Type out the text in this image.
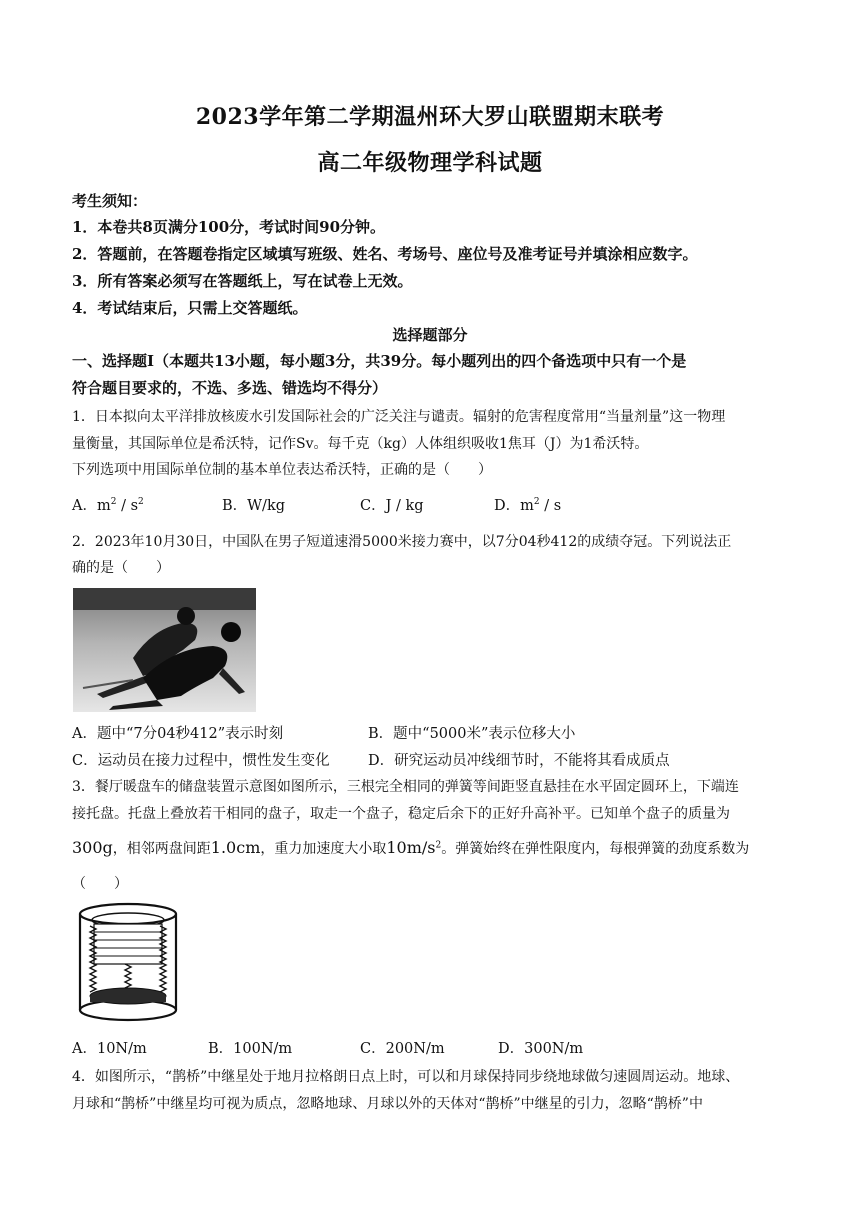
2023学年第二学期温州环大罗山联盟期末联考
高二年级物理学科试题
考生须知：
1．本卷共8页满分100分，考试时间90分钟。
2．答题前，在答题卷指定区域填写班级、姓名、考场号、座位号及准考证号并填涂相应数字。
3．所有答案必须写在答题纸上，写在试卷上无效。
4．考试结束后，只需上交答题纸。
选择题部分
一、选择题Ⅰ（本题共13小题，每小题3分，共39分。每小题列出的四个备选项中只有一个是
符合题目要求的，不选、多选、错选均不得分）
1．日本拟向太平洋排放核废水引发国际社会的广泛关注与谴责。辐射的危害程度常用“当量剂量”这一物理
量衡量，其国际单位是希沃特，记作Sv。每千克（kg）人体组织吸收1焦耳（J）为1希沃特。
下列选项中用国际单位制的基本单位表达希沃特，正确的是（　　）
A．$m^2 / s^2$	B．W/kg	C．J / kg	D．$m^2$ / s
2．2023年10月30日，中国队在男子短道速滑5000米接力赛中，以7分04秒412的成绩夺冠。下列说法正
确的是（　　）
A．题中“7分04秒412”表示时刻	B．题中“5000米”表示位移大小
C．运动员在接力过程中，惯性发生变化	D．研究运动员冲线细节时，不能将其看成质点
3．餐厅暖盘车的储盘装置示意图如图所示，三根完全相同的弹簧等间距竖直悬挂在水平固定圆环上，下端连
接托盘。托盘上叠放若干相同的盘子，取走一个盘子，稳定后余下的正好升高补平。已知单个盘子的质量为
300g，相邻两盘间距1.0cm，重力加速度大小取$10m/s^2$。弹簧始终在弹性限度内，每根弹簧的劲度系数为
（　　）
A．10N/m	B．100N/m	C．200N/m	D．300N/m
4．如图所示，“鹊桥”中继星处于地月拉格朗日点上时，可以和月球保持同步绕地球做匀速圆周运动。地球、
月球和“鹊桥”中继星均可视为质点，忽略地球、月球以外的天体对“鹊桥”中继星的引力，忽略“鹊桥”中
